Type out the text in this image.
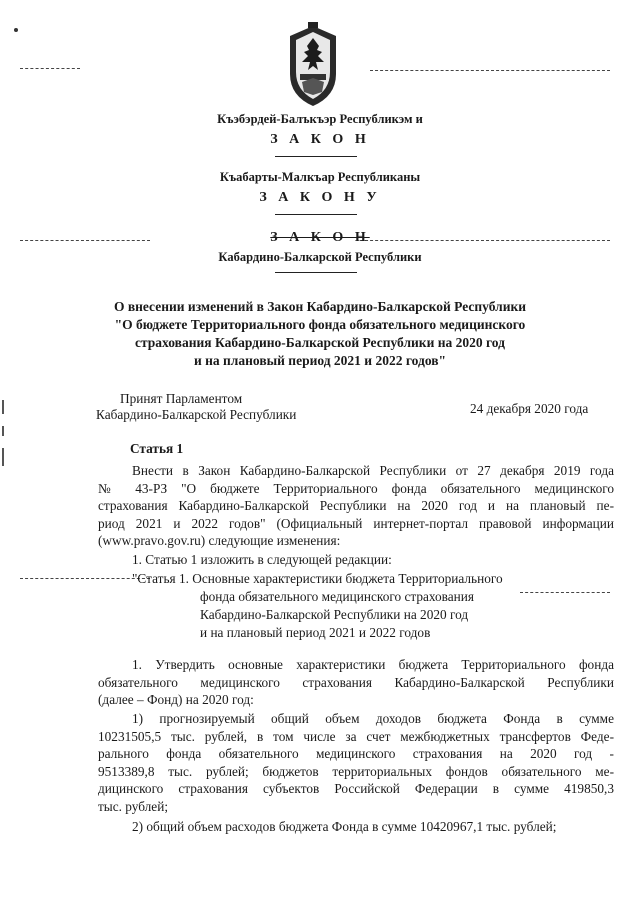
Къэбэрдей-Балъкъэр Республикэм и
З А К О Н
Къабарты-Малкъар Республиканы
З А К О Н У
З А К О Н
Кабардино-Балкарской Республики
О внесении изменений в Закон Кабардино-Балкарской Республики
"О бюджете Территориального фонда обязательного медицинского
страхования Кабардино-Балкарской Республики на 2020 год
и на плановый период 2021 и 2022 годов"
Принят Парламентом
Кабардино-Балкарской Республики	24 декабря 2020 года
Статья 1
Внести в Закон Кабардино-Балкарской Республики от 27 декабря 2019 года
№ 43-РЗ "О бюджете Территориального фонда обязательного медицинского
страхования Кабардино-Балкарской Республики на 2020 год и на плановый пе-
риод 2021 и 2022 годов" (Официальный интернет-портал правовой информации
(www.pravo.gov.ru) следующие изменения:
1. Статью 1 изложить в следующей редакции:
"Статья 1. Основные характеристики бюджета Территориального
фонда обязательного медицинского страхования
Кабардино-Балкарской Республики на 2020 год
и на плановый период 2021 и 2022 годов
1. Утвердить основные характеристики бюджета Территориального фонда
обязательного медицинского страхования Кабардино-Балкарской Республики
(далее – Фонд) на 2020 год:
1) прогнозируемый общий объем доходов бюджета Фонда в сумме
10231505,5 тыс. рублей, в том числе за счет межбюджетных трансфертов Феде-
рального фонда обязательного медицинского страхования на 2020 год -
9513389,8 тыс. рублей; бюджетов территориальных фондов обязательного ме-
дицинского страхования субъектов Российской Федерации в сумме 419850,3
тыс. рублей;
2) общий объем расходов бюджета Фонда в сумме 10420967,1 тыс. рублей;
